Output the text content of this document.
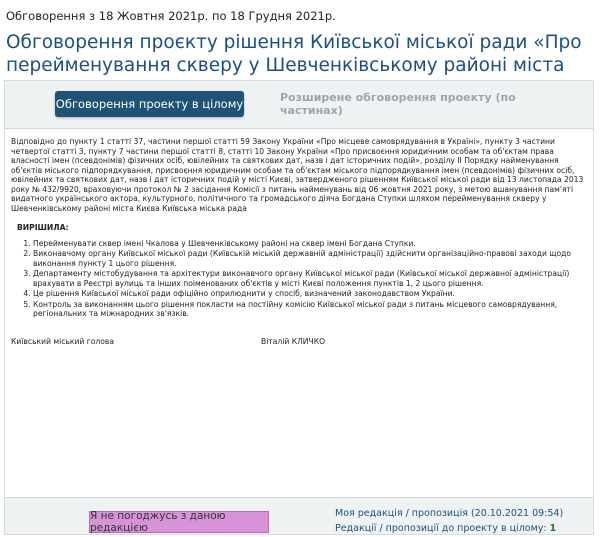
Обговорення з 18 Жовтня 2021р. по 18 Грудня 2021р.
Обговорення проєкту рішення Київської міської ради «Про перейменування скверу у Шевченківському районі міста
Обговорення проекту в цілому	Розширене обговорення проекту (по частинах)

Відповідно до пункту 1 статті 37, частини першої статті 59 Закону України «Про місцеве самоврядування в Україні», пункту 3 частини четвертої статті 3, пункту 7 частини першої статті 8, статті 10 Закону України «Про присвоєння юридичним особам та об'єктам права власності імен (псевдонімів) фізичних осіб, ювілейних та святкових дат, назв і дат історичних подій», розділу ІІ Порядку найменування об'єктів міського підпорядкування, присвоєння юридичним особам та об'єктам міського підпорядкування імен (псевдонімів) фізичних осіб, ювілейних та святкових дат, назв і дат історичних подій у місті Києві, затвердженого рішенням Київської міської ради від 13 листопада 2013 року № 432/9920, враховуючи протокол № 2 засідання Комісії з питань найменувань від 06 жовтня 2021 року, з метою вшанування пам'яті видатного українського актора, культурного, політичного та громадського діяча Богдана Ступки шляхом перейменування скверу у Шевченківському районі міста Києва Київська міська рада

ВИРІШИЛА:

1. Перейменувати сквер імені Чкалова у Шевченківському районі на сквер імені Богдана Ступки.
2. Виконавчому органу Київської міської ради (Київській міській державній адміністрації) здійснити організаційно-правові заходи щодо виконання пункту 1 цього рішення.
3. Департаменту містобудування та архітектури виконавчого органу Київської міської ради (Київської міської державної адміністрації) врахувати в Реєстрі вулиць та інших поіменованих об'єктів у місті Києві положення пунктів 1, 2 цього рішення.
4. Це рішення Київської міської ради офіційно оприлюднити у спосіб, визначений законодавством України.
5. Контроль за виконанням цього рішення покласти на постійну комісію Київської міської ради з питань місцевого самоврядування, регіональних та міжнародних зв'язків.
Київський міський голова	Віталій КЛИЧКО
Я не погоджусь з даною редакцією
Моя редакція / пропозиція (20.10.2021 09:54)
Редакції / пропозиції до проекту в цілому: 1
